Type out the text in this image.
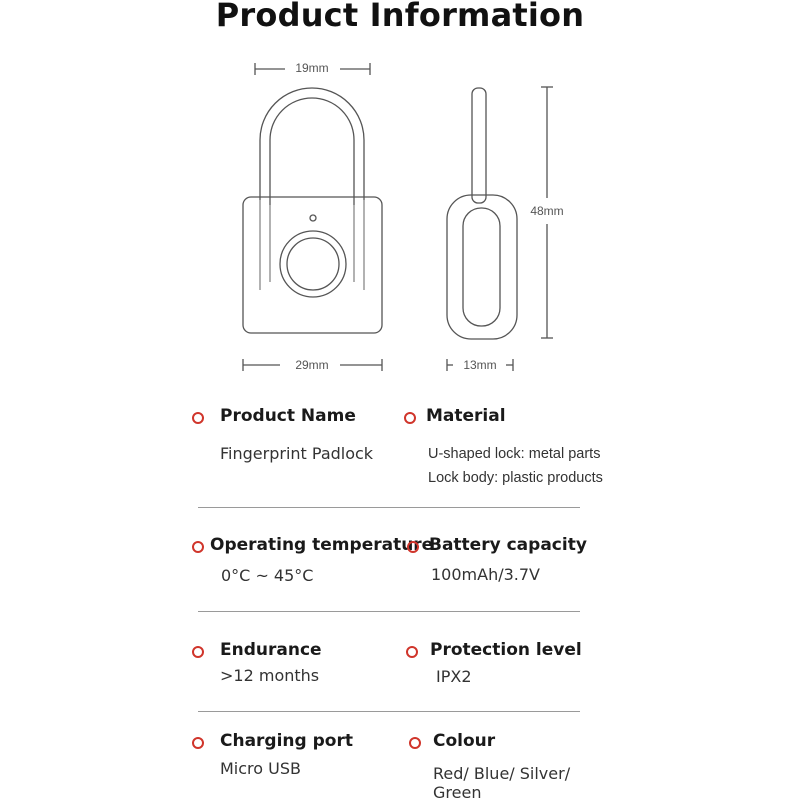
Product Information
19mm
48mm
29mm	13mm
Product Name
Fingerprint Padlock
Material
U-shaped lock: metal parts
Lock body: plastic products
Operating temperature
0°C ~ 45°C
Battery capacity
100mAh/3.7V
Endurance
>12 months
Protection level
IPX2
Charging port
Micro USB
Colour
Red/ Blue/ Silver/
Green
